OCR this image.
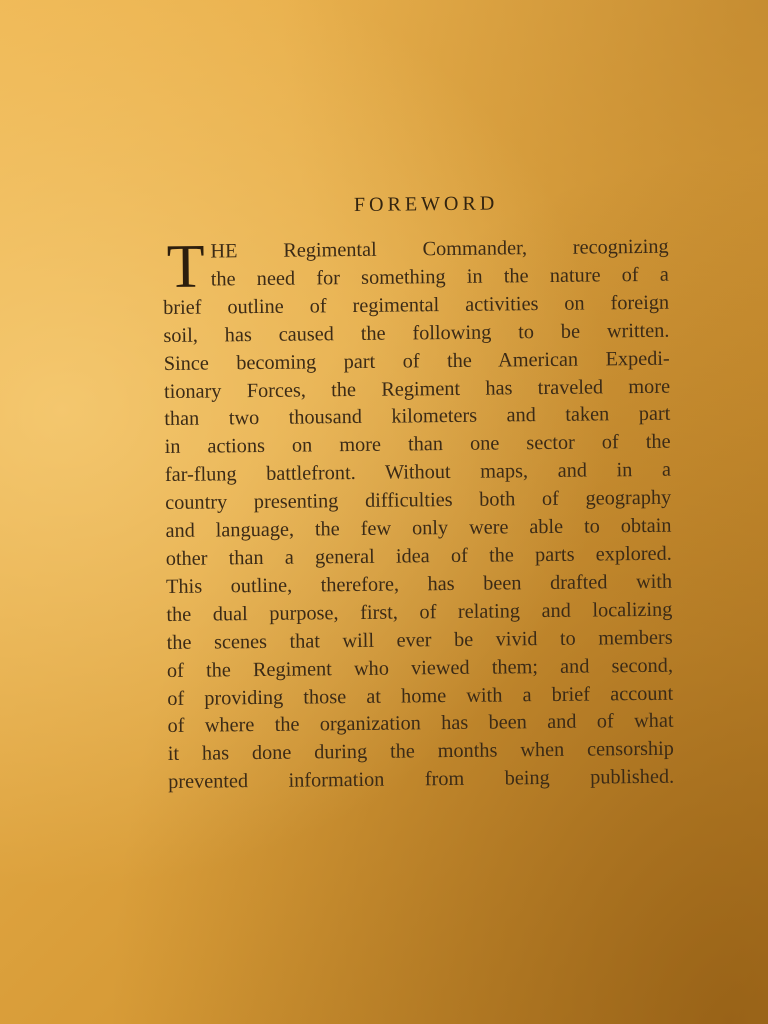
FOREWORD
T HE Regimental Commander, recognizing
the need for something in the nature of a
brief outline of regimental activities on foreign
soil, has caused the following to be written.
Since becoming part of the American Expedi-
tionary Forces, the Regiment has traveled more
than two thousand kilometers and taken part
in actions on more than one sector of the
far-flung battlefront. Without maps, and in a
country presenting difficulties both of geography
and language, the few only were able to obtain
other than a general idea of the parts explored.
This outline, therefore, has been drafted with
the dual purpose, first, of relating and localizing
the scenes that will ever be vivid to members
of the Regiment who viewed them; and second,
of providing those at home with a brief account
of where the organization has been and of what
it has done during the months when censorship
prevented information from being published.
